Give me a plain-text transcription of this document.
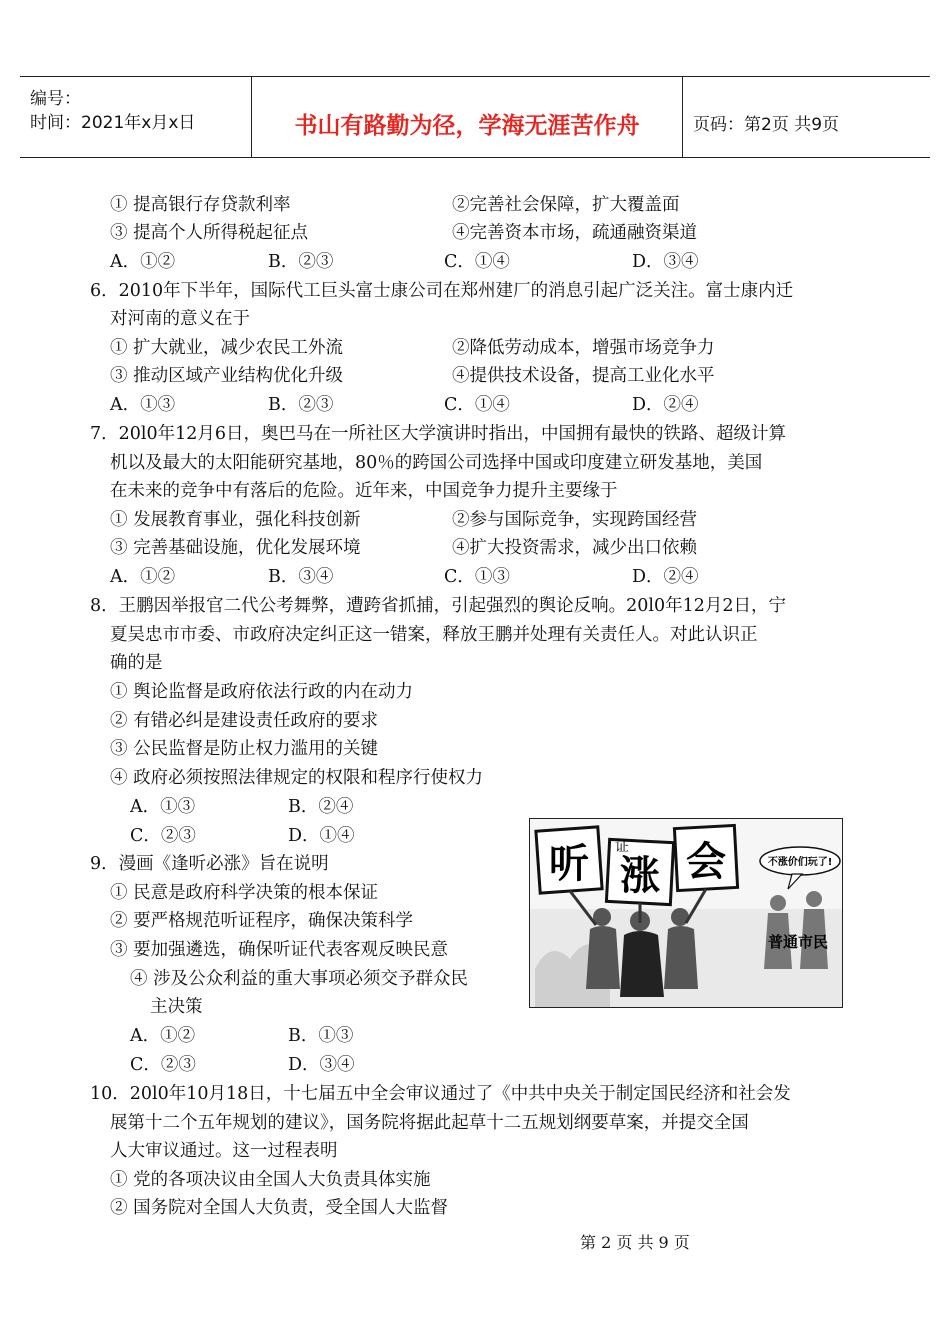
编号：
时间：2021年x月x日	书山有路勤为径，学海无涯苦作舟	页码：第2页 共9页
① 提高银行存贷款利率	②完善社会保障，扩大覆盖面
③ 提高个人所得税起征点	④完善资本市场，疏通融资渠道
A．①②	B．②③	C．①④	D．③④
6．2010年下半年，国际代工巨头富士康公司在郑州建厂的消息引起广泛关注。富士康内迁
对河南的意义在于
① 扩大就业，减少农民工外流	②降低劳动成本，增强市场竞争力
③ 推动区域产业结构优化升级	④提供技术设备，提高工业化水平
A．①③	B．②③	C．①④	D．②④
7．20l0年12月6日，奥巴马在一所社区大学演讲时指出，中国拥有最快的铁路、超级计算
机以及最大的太阳能研究基地，80％的跨国公司选择中国或印度建立研发基地，美国
在未来的竞争中有落后的危险。近年来，中国竞争力提升主要缘于
① 发展教育事业，强化科技创新	②参与国际竞争，实现跨国经营
③ 完善基础设施，优化发展环境	④扩大投资需求，减少出口依赖
A．①②	B．③④	C．①③	D．②④
8．王鹏因举报官二代公考舞弊，遭跨省抓捕，引起强烈的舆论反响。20l0年12月2日，宁
夏吴忠市市委、市政府决定纠正这一错案，释放王鹏并处理有关责任人。对此认识正
确的是
① 舆论监督是政府依法行政的内在动力
② 有错必纠是建设责任政府的要求
③ 公民监督是防止权力滥用的关键
④ 政府必须按照法律规定的权限和程序行使权力
A．①③	B．②④
C．②③	D．①④
9．漫画《逢听必涨》旨在说明
① 民意是政府科学决策的根本保证
② 要严格规范听证程序，确保决策科学
③ 要加强遴选，确保听证代表客观反映民意
④ 涉及公众利益的重大事项必须交予群众民
主决策
A．①②	B．①③
C．②③	D．③④
10．20l0年10月18日，十七届五中全会审议通过了《中共中央关于制定国民经济和社会发
展第十二个五年规划的建议》，国务院将据此起草十二五规划纲要草案，并提交全国
人大审议通过。这一过程表明
① 党的各项决议由全国人大负责具体实施
② 国务院对全国人大负责，受全国人大监督
听 涨
证 会	不涨价们玩了!
普通市民
第 2 页 共 9 页
